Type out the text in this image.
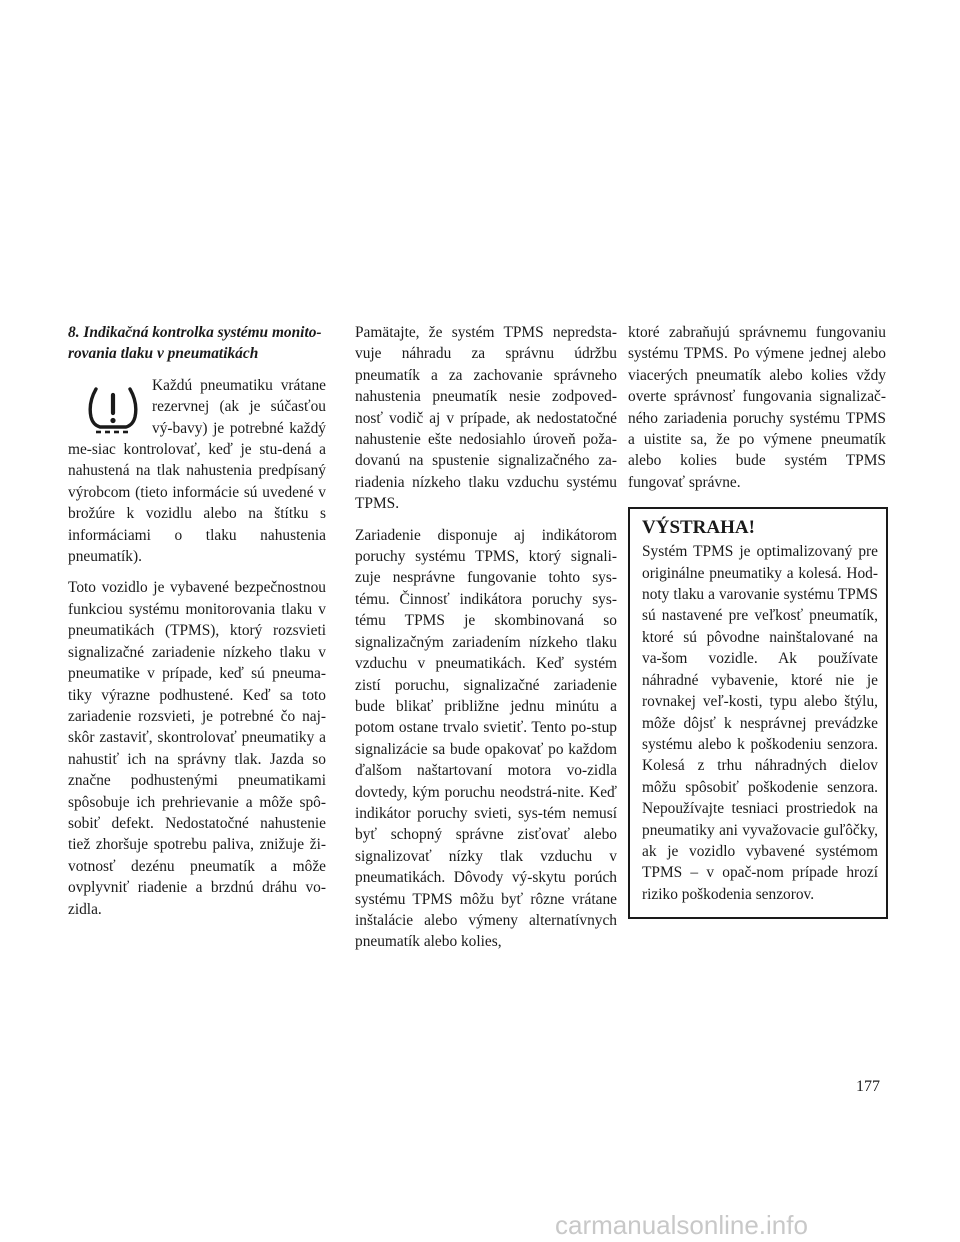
8. Indikačná kontrolka systému monito-rovania tlaku v pneumatikách

Každú pneumatiku vrátane rezervnej (ak je súčasťou vý-bavy) je potrebné každý me-siac kontrolovať, keď je stu-dená a nahustená na tlak nahustenia predpísaný výrobcom (tieto informácie sú uvedené v brožúre k vozidlu alebo na štítku s informáciami o tlaku nahustenia pneumatík).

Toto vozidlo je vybavené bezpečnostnou funkciou systému monitorovania tlaku v pneumatikách (TPMS), ktorý rozsvieti signalizačné zariadenie nízkeho tlaku v pneumatike v prípade, keď sú pneuma-tiky výrazne podhustené. Keď sa toto zariadenie rozsvieti, je potrebné čo naj-skôr zastaviť, skontrolovať pneumatiky a nahustiť ich na správny tlak. Jazda so značne podhustenými pneumatikami spôsobuje ich prehrievanie a môže spô-sobiť defekt. Nedostatočné nahustenie tiež zhoršuje spotrebu paliva, znižuje ži-votnosť dezénu pneumatík a môže ovplyvniť riadenie a brzdnú dráhu vo-zidla.

Pamätajte, že systém TPMS nepredsta-vuje náhradu za správnu údržbu pneumatík a za zachovanie správneho nahustenia pneumatík nesie zodpoved-nosť vodič aj v prípade, ak nedostatočné nahustenie ešte nedosiahlo úroveň poža-dovanú na spustenie signalizačného za-riadenia nízkeho tlaku vzduchu systému TPMS.

Zariadenie disponuje aj indikátorom poruchy systému TPMS, ktorý signali-zuje nesprávne fungovanie tohto sys-tému. Činnosť indikátora poruchy sys-tému TPMS je skombinovaná so signalizačným zariadením nízkeho tlaku vzduchu v pneumatikách. Keď systém zistí poruchu, signalizačné zariadenie bude blikať približne jednu minútu a potom ostane trvalo svietiť. Tento po-stup signalizácie sa bude opakovať po každom ďalšom naštartovaní motora vo-zidla dovtedy, kým poruchu neodstrá-nite. Keď indikátor poruchy svieti, sys-tém nemusí byť schopný správne zisťovať alebo signalizovať nízky tlak vzduchu v pneumatikách. Dôvody vý-skytu porúch systému TPMS môžu byť rôzne vrátane inštalácie alebo výmeny alternatívnych pneumatík alebo kolies,

ktoré zabraňujú správnemu fungovaniu systému TPMS. Po výmene jednej alebo viacerých pneumatík alebo kolies vždy overte správnosť fungovania signalizač-ného zariadenia poruchy systému TPMS a uistite sa, že po výmene pneumatík alebo kolies bude systém TPMS fungovať správne.

VÝSTRAHA!

Systém TPMS je optimalizovaný pre originálne pneumatiky a kolesá. Hod-noty tlaku a varovanie systému TPMS sú nastavené pre veľkosť pneumatík, ktoré sú pôvodne nainštalované na va-šom vozidle. Ak používate náhradné vybavenie, ktoré nie je rovnakej veľ-kosti, typu alebo štýlu, môže dôjsť k nesprávnej prevádzke systému alebo k poškodeniu senzora. Kolesá z trhu náhradných dielov môžu spôsobiť poškodenie senzora. Nepoužívajte tesniaci prostriedok na pneumatiky ani vyvažovacie guľôčky, ak je vozidlo vybavené systémom TPMS – v opač-nom prípade hrozí riziko poškodenia senzorov.

177
carmanualsonline.info
